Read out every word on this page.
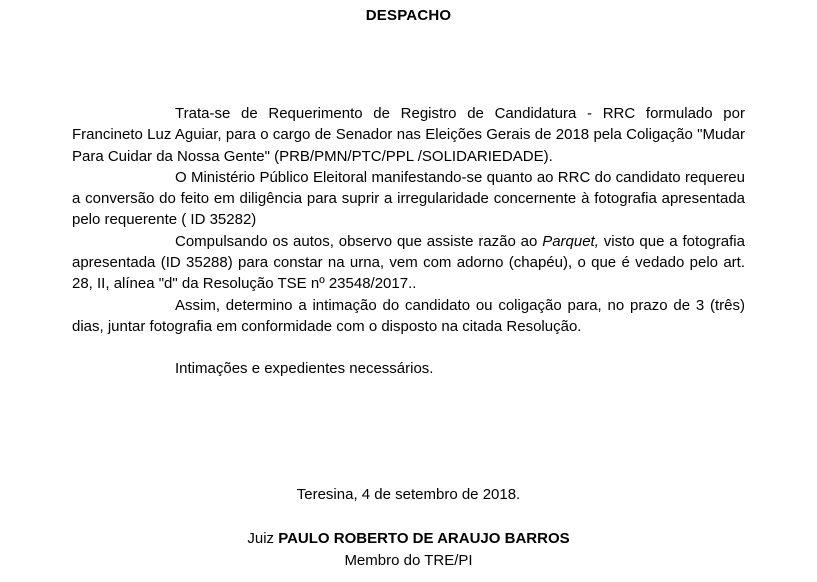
DESPACHO

Trata-se de Requerimento de Registro de Candidatura - RRC formulado por Francineto Luz Aguiar, para o cargo de Senador nas Eleições Gerais de 2018 pela Coligação "Mudar Para Cuidar da Nossa Gente" (PRB/PMN/PTC/PPL /SOLIDARIEDADE).

O Ministério Público Eleitoral manifestando-se quanto ao RRC do candidato requereu a conversão do feito em diligência para suprir a irregularidade concernente à fotografia apresentada pelo requerente ( ID 35282)

Compulsando os autos, observo que assiste razão ao Parquet, visto que a fotografia apresentada (ID 35288) para constar na urna, vem com adorno (chapéu), o que é vedado pelo art. 28, II, alínea "d" da Resolução TSE nº 23548/2017..

Assim, determino a intimação do candidato ou coligação para, no prazo de 3 (três) dias, juntar fotografia em conformidade com o disposto na citada Resolução.

Intimações e expedientes necessários.

Teresina, 4 de setembro de 2018.
Juiz PAULO ROBERTO DE ARAUJO BARROS
Membro do TRE/PI
